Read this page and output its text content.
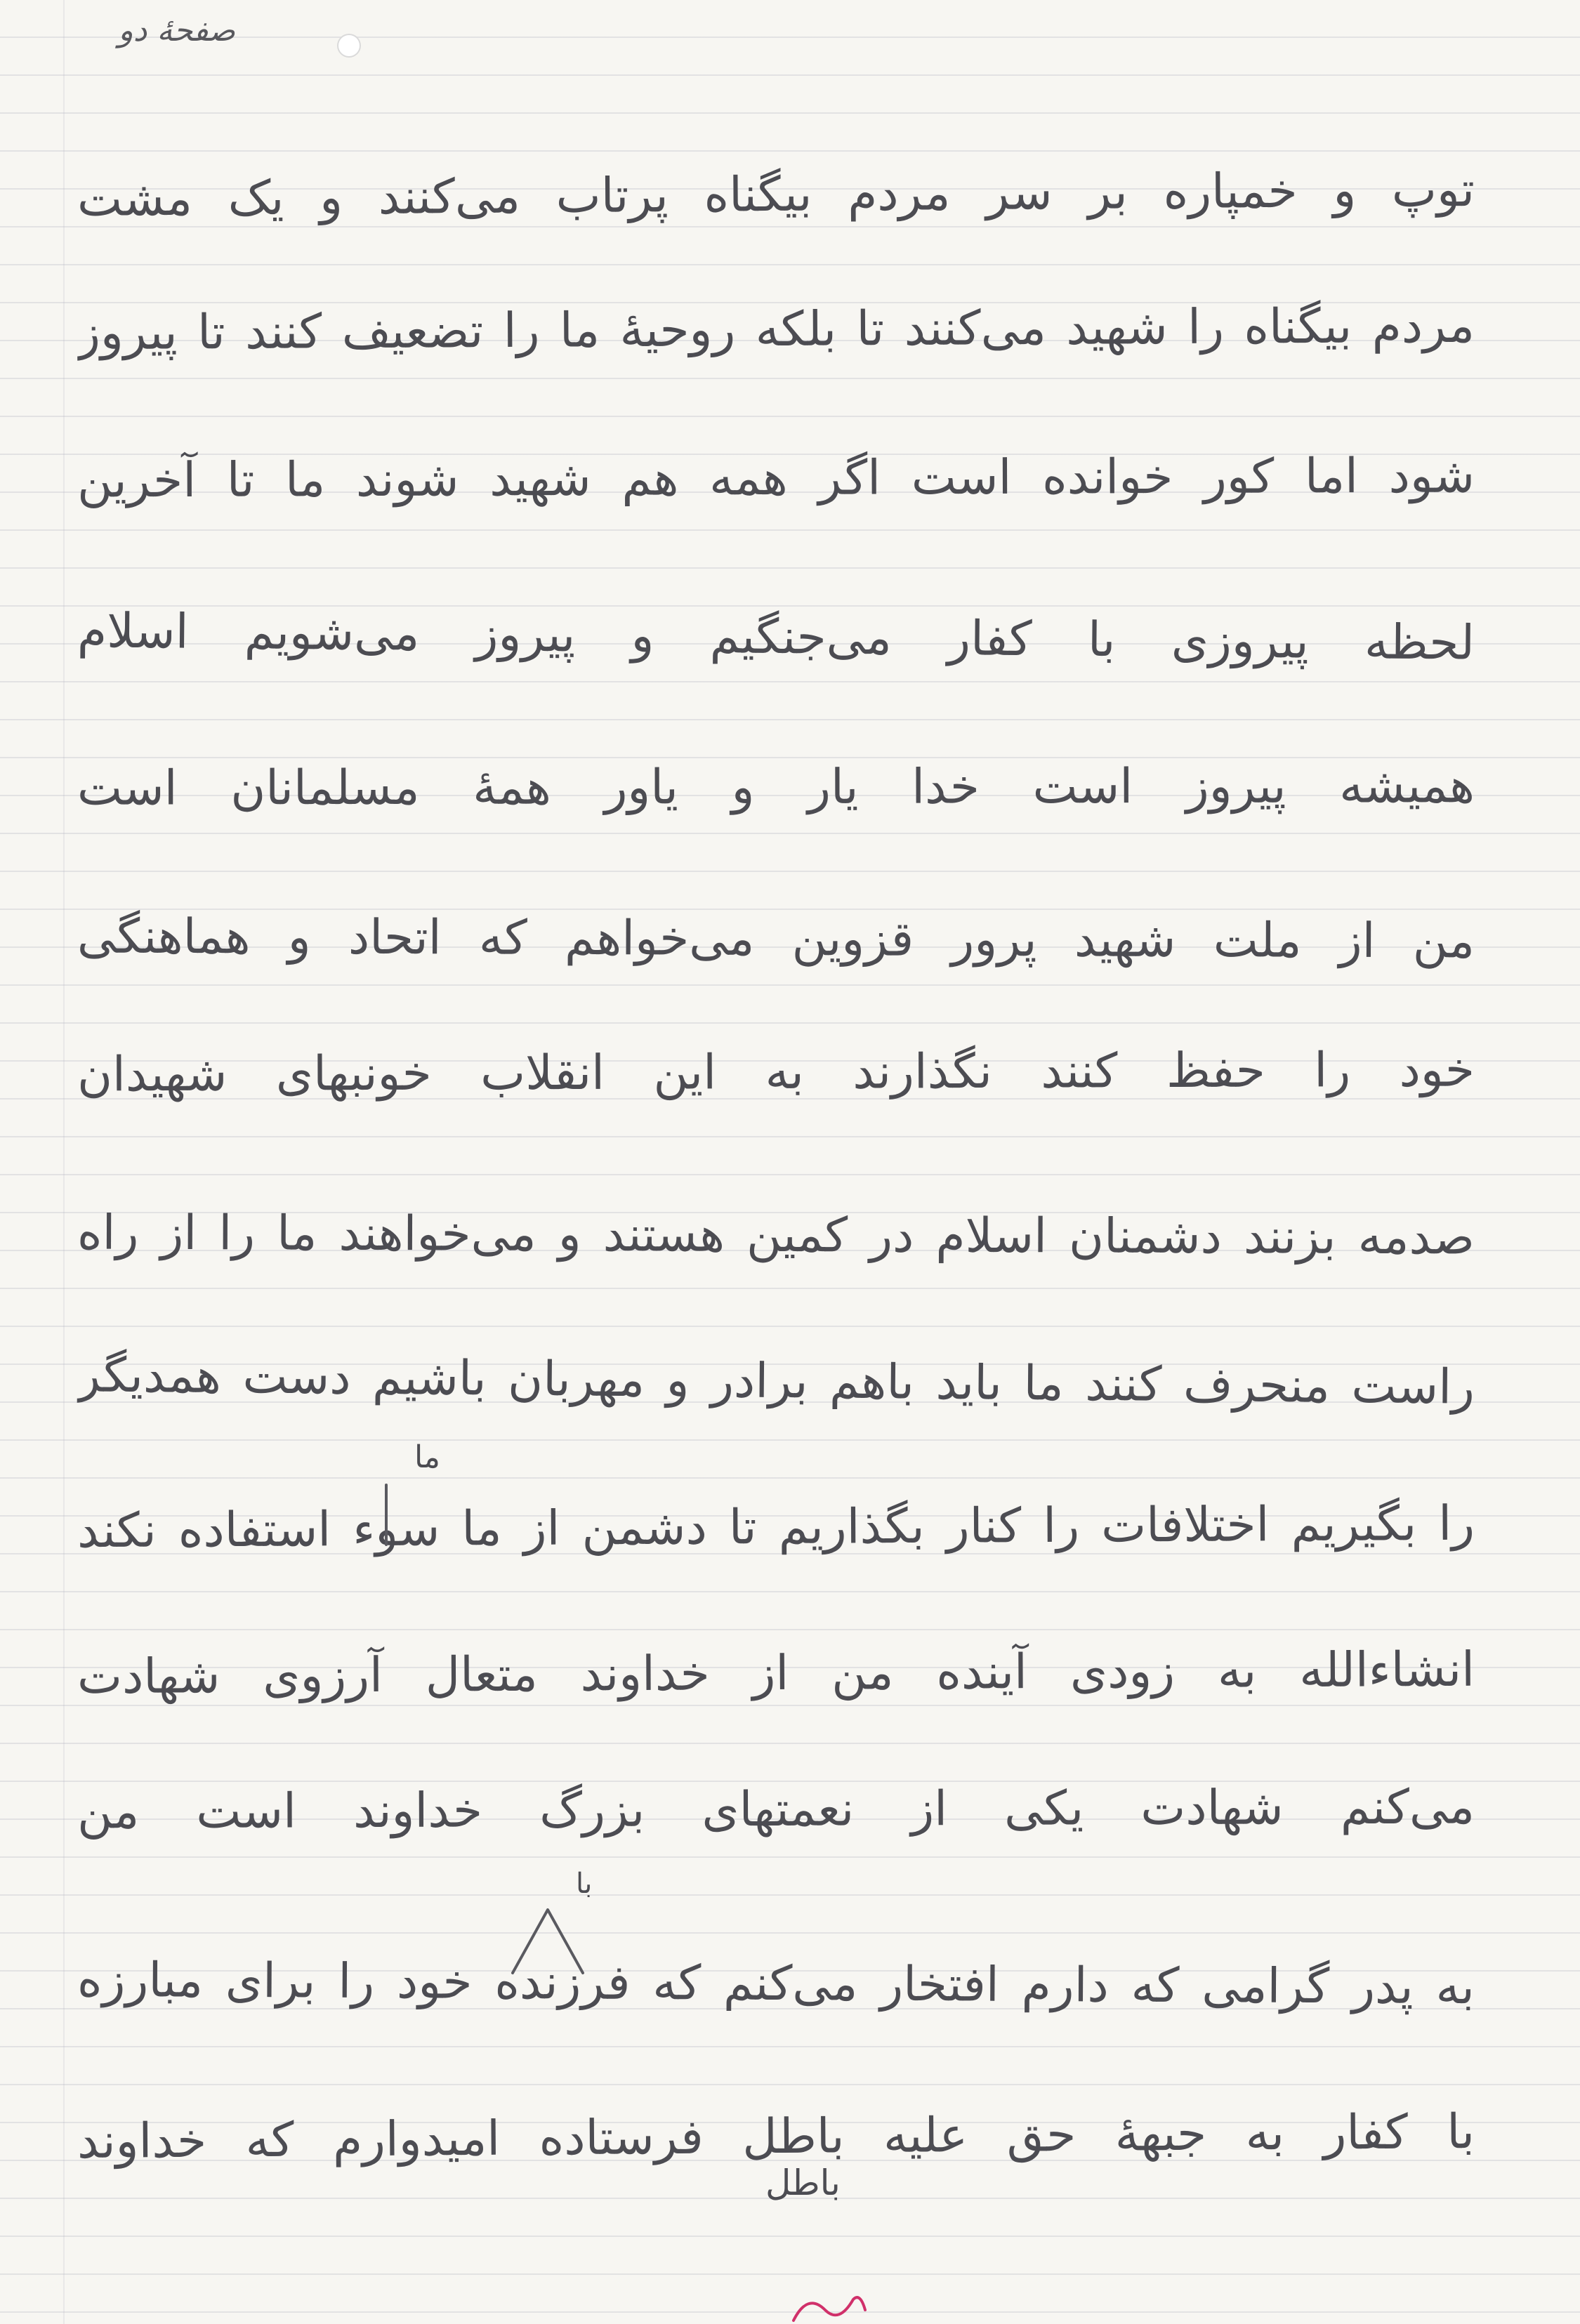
صفحهٔ دو
توپ و خمپاره بر سر مردم بیگناه پرتاب می‌کنند و یک مشت
مردم بیگناه را شهید می‌کنند تا بلکه روحیهٔ ما را تضعیف کنند تا پیروز
شود اما کور خوانده است اگر همه هم شهید شوند ما تا آخرین
لحظه پیروزی با کفار می‌جنگیم و پیروز می‌شویم اسلام
همیشه پیروز است خدا یار و یاور همهٔ مسلمانان است
من از ملت شهید پرور قزوین می‌خواهم که اتحاد و هماهنگی
خود را حفظ کنند نگذارند به این انقلاب خونبهای شهیدان
صدمه بزنند دشمنان اسلام در کمین هستند و می‌خواهند ما را از راه
راست منحرف کنند ما باید باهم برادر و مهربان باشیم دست همدیگر
را بگیریم اختلافات را کنار بگذاریم تا دشمن از ما سوء استفاده نکند
انشاءالله به زودی آینده من از خداوند متعال آرزوی شهادت
می‌کنم شهادت یکی از نعمتهای بزرگ خداوند است من
به پدر گرامی که دارم افتخار می‌کنم که فرزنده خود را برای مبارزه
با کفار به جبههٔ حق علیه باطل فرستاده امیدوارم که خداوند
ما
با
باطل
